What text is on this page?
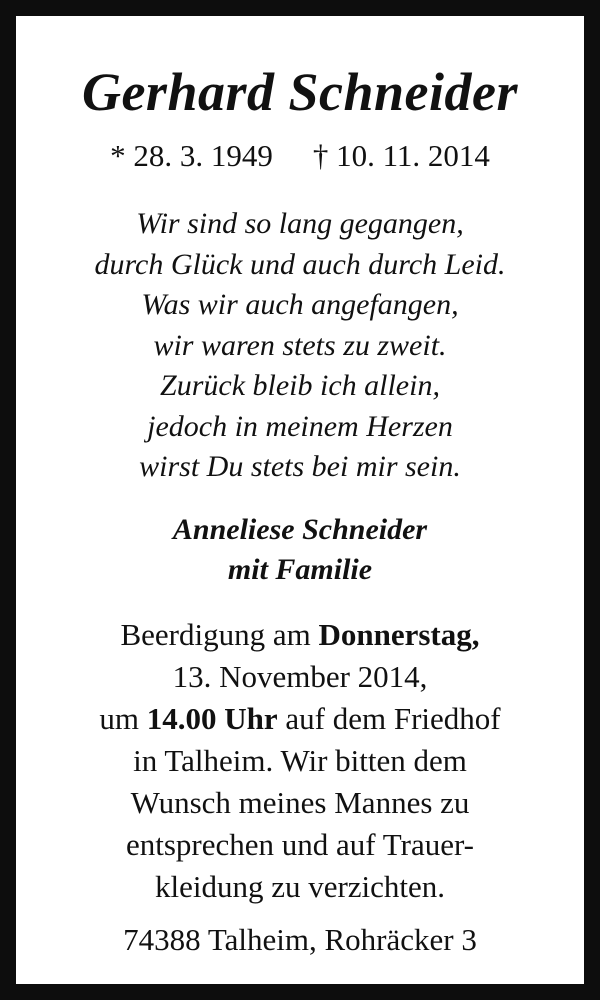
Gerhard Schneider
* 28. 3. 1949 † 10. 11. 2014
Wir sind so lang gegangen,
durch Glück und auch durch Leid.
Was wir auch angefangen,
wir waren stets zu zweit.
Zurück bleib ich allein,
jedoch in meinem Herzen
wirst Du stets bei mir sein.
Anneliese Schneider
mit Familie
Beerdigung am Donnerstag,
13. November 2014,
um 14.00 Uhr auf dem Friedhof
in Talheim. Wir bitten dem
Wunsch meines Mannes zu
entsprechen und auf Trauer-
kleidung zu verzichten.
74388 Talheim, Rohräcker 3
